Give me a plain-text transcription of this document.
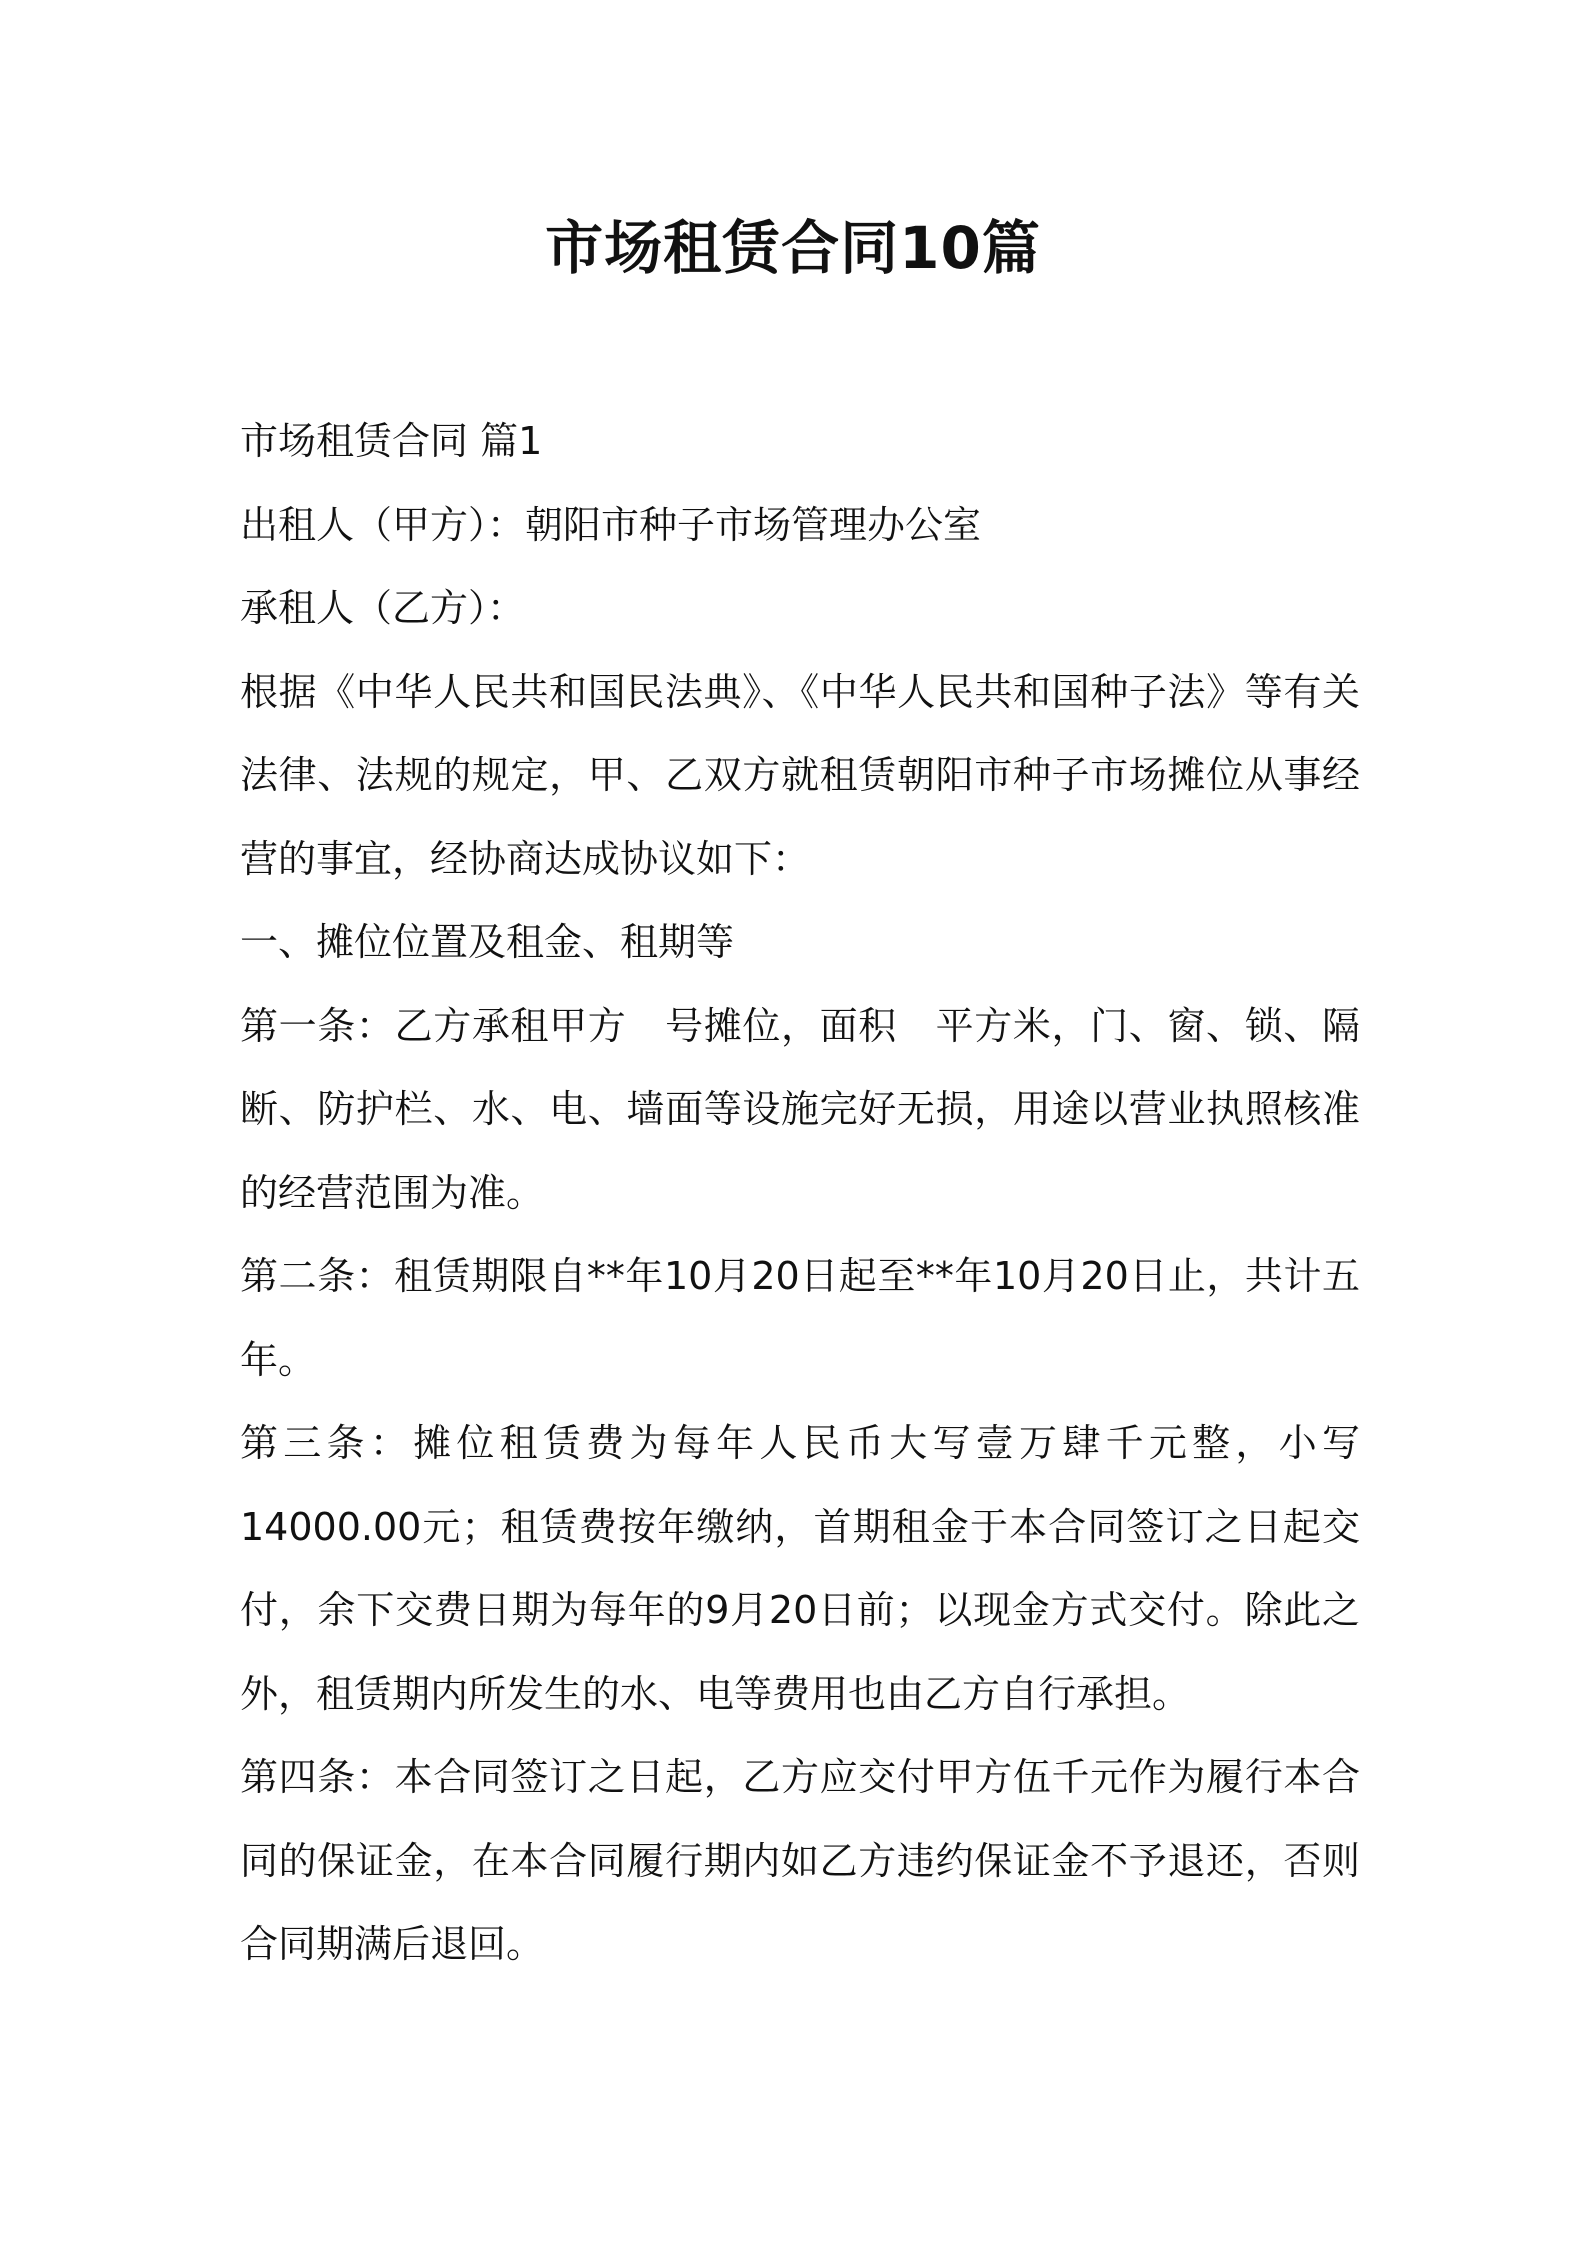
市场租赁合同10篇

市场租赁合同 篇1

出租人（甲方）：朝阳市种子市场管理办公室

承租人（乙方）：

根据《中华人民共和国民法典》、《中华人民共和国种子法》等有关法律、法规的规定，甲、乙双方就租赁朝阳市种子市场摊位从事经营的事宜，经协商达成协议如下：

一、摊位位置及租金、租期等

第一条：乙方承租甲方　号摊位，面积　平方米，门、窗、锁、隔断、防护栏、水、电、墙面等设施完好无损，用途以营业执照核准的经营范围为准。

第二条：租赁期限自**年10月20日起至**年10月20日止，共计五年。

第三条：摊位租赁费为每年人民币大写壹万肆千元整，小写14000.00元；租赁费按年缴纳，首期租金于本合同签订之日起交付，余下交费日期为每年的9月20日前；以现金方式交付。除此之外，租赁期内所发生的水、电等费用也由乙方自行承担。

第四条：本合同签订之日起，乙方应交付甲方伍千元作为履行本合同的保证金，在本合同履行期内如乙方违约保证金不予退还，否则合同期满后退回。
